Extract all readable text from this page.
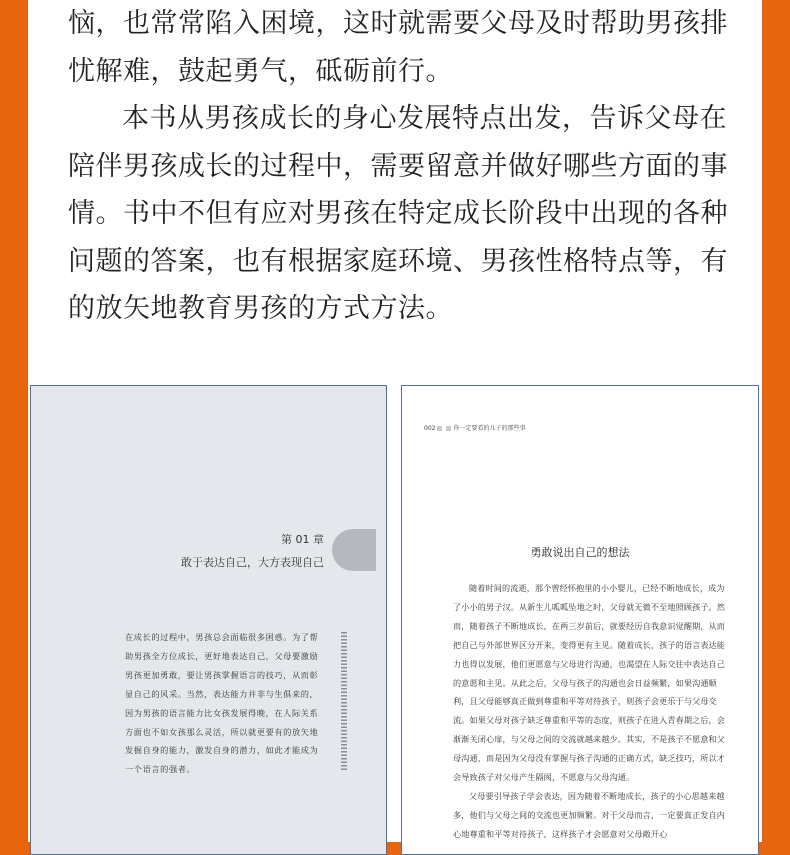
恼，也常常陷入困境，这时就需要父母及时帮助男孩排忧解难，鼓起勇气，砥砺前行。

本书从男孩成长的身心发展特点出发，告诉父母在陪伴男孩成长的过程中，需要留意并做好哪些方面的事情。书中不但有应对男孩在特定成长阶段中出现的各种问题的答案，也有根据家庭环境、男孩性格特点等，有的放矢地教育男孩的方式方法。

第 01 章
敢于表达自己，大方表现自己
在成长的过程中，男孩总会面临很多困惑。为了帮助男孩全方位成长，更好地表达自己，父母要激励男孩更加勇敢，要让男孩掌握语言的技巧，从而彰显自己的风采。当然，表达能力并非与生俱来的，因为男孩的语言能力比女孩发展得晚，在人际关系方面也不如女孩那么灵活，所以就更要有的放矢地发掘自身的能力，激发自身的潜力，如此才能成为一个语言的强者。
002	你一定要看的儿子的那些事
勇敢说出自己的想法

随着时间的流逝，那个曾经怀抱里的小小婴儿，已经不断地成长，成为了小小的男子汉。从新生儿呱呱坠地之时，父母就无微不至地照顾孩子。然而，随着孩子不断地成长，在两三岁前后，就要经历自我意识觉醒期，从而把自己与外部世界区分开来，变得更有主见。随着成长，孩子的语言表达能力也得以发展，他们更愿意与父母进行沟通，也渴望在人际交往中表达自己的意愿和主见。从此之后，父母与孩子的沟通也会日益频繁，如果沟通顺利，且父母能够真正做到尊重和平等对待孩子，则孩子会更乐于与父母交流。如果父母对孩子缺乏尊重和平等的态度，则孩子在进入青春期之后，会渐渐关闭心扉，与父母之间的交流就越来越少。其实，不是孩子不愿意和父母沟通，而是因为父母没有掌握与孩子沟通的正确方式，缺乏技巧，所以才会导致孩子对父母产生隔阂，不愿意与父母沟通。

父母要引导孩子学会表达，因为随着不断地成长，孩子的小心思越来越多，他们与父母之间的交流也更加频繁。对于父母而言，一定要真正发自内心地尊重和平等对待孩子，这样孩子才会愿意对父母敞开心
